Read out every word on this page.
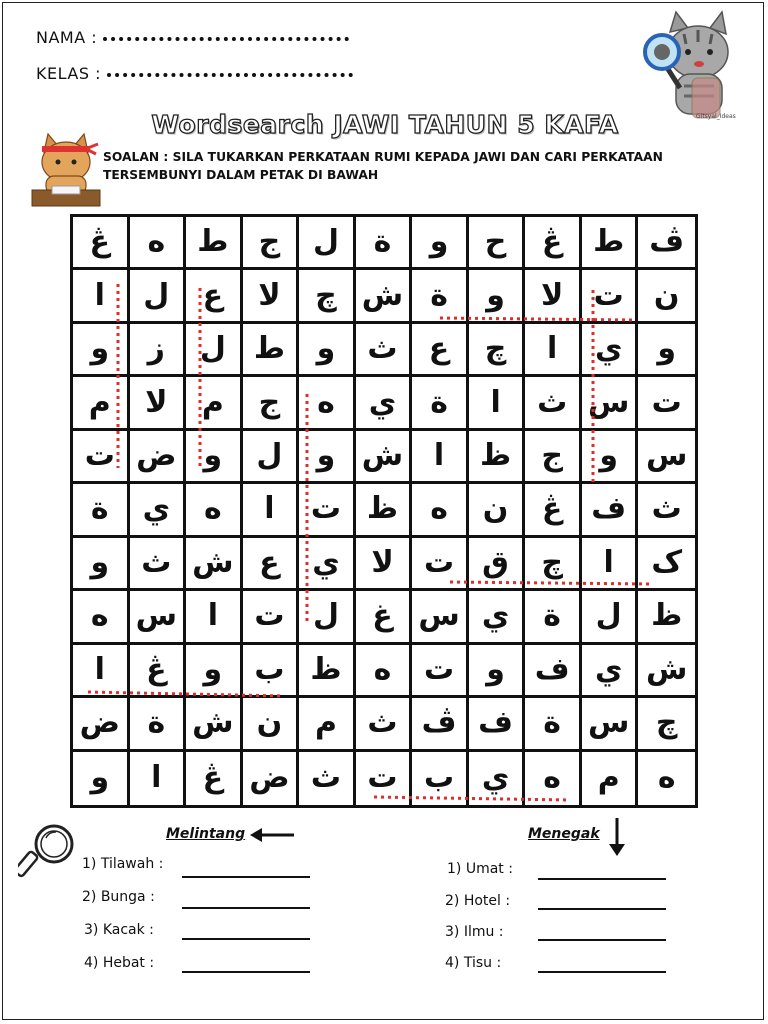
NAMA :
KELAS :
Gitsyal_Ideas
Wordsearch JAWI TAHUN 5 KAFA
SOALAN : SILA TUKARKAN PERKATAAN RUMI KEPADA JAWI DAN CARI PERKATAAN TERSEMBUNYI DALAM PETAK DI BAWAH
ڠ	ه	ط	ج	ل	ة	و	ح	ڠ	ط ڤ
ا	ل	ع	لا	چ ش ة	و	لا	ت	ن
و	ز	ل ط	و	ث	ع	چ	ا	ي	و
م	لا	م	ج	ه	ي	ة	ا	ث س ت
ت ض و	ل	و ش	ا	ظ	ج	و س
ة	ي	ه	ا	ت ظ	ه	ن	ڠ ف ث
و	ث ش ع	ي	لا	ت ق	چ	ا	ک
ه س	ا	ت ل	غ س ي	ة	ل ظ
ا	ڠ	و	ب ظ	ه	ت	و ف ي ش
ض ة ش ن	م	ث ڤ ف	ة س چ
و	ا	ڠ ض ث ت ب ي	ه	م	ه
Melintang	Menegak
1) Tilawah :
2) Bunga :
3) Kacak :
4) Hebat :
1) Umat :
2) Hotel :
3) Ilmu :
4) Tisu :
